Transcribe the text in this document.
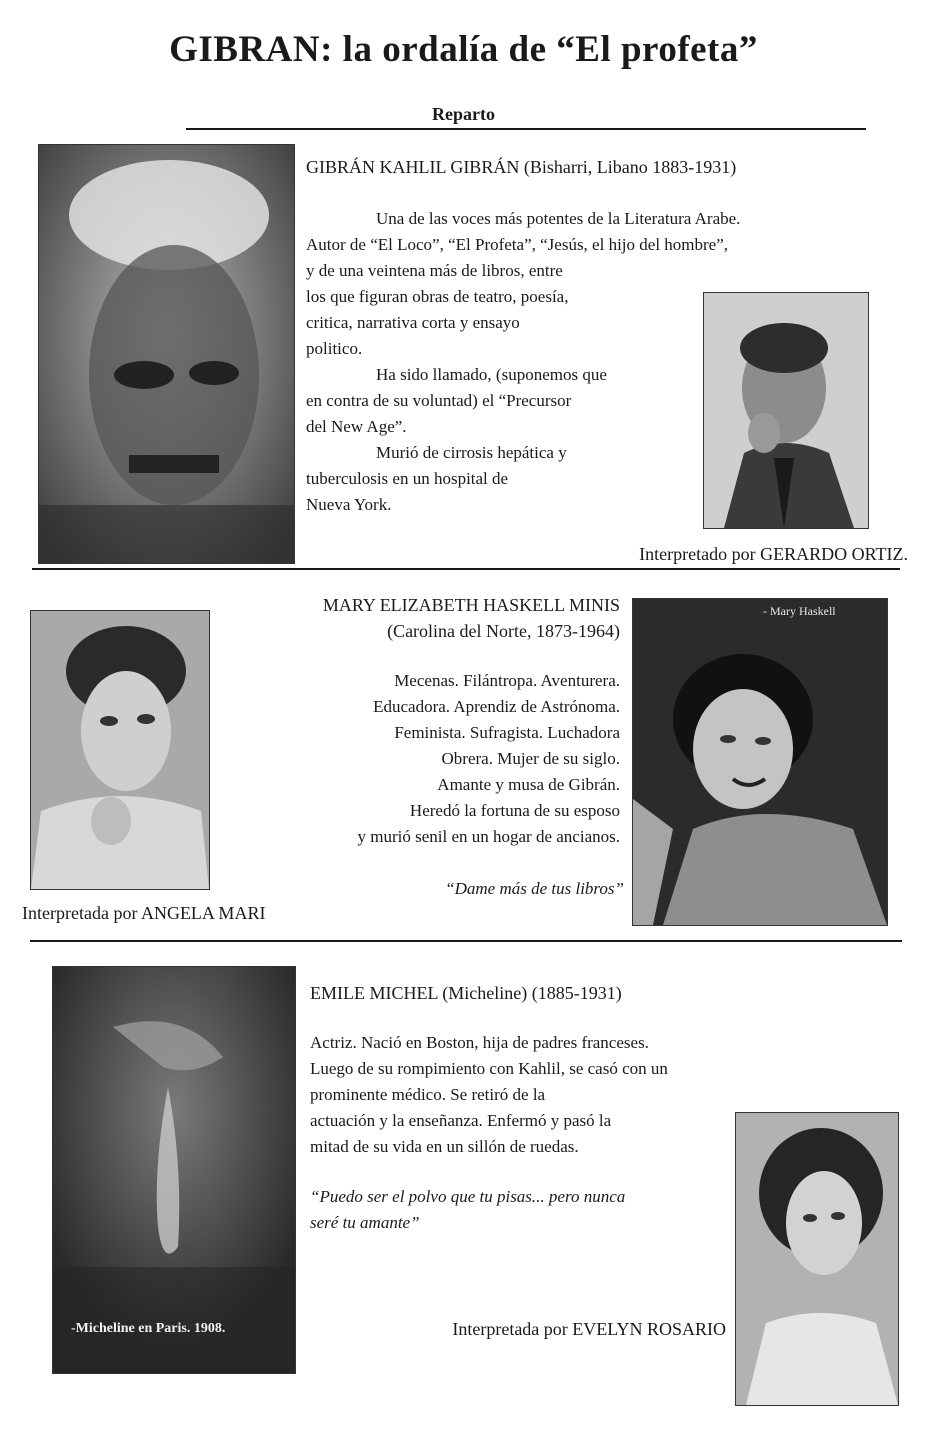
GIBRAN: la ordalía de “El profeta”
Reparto
GIBRÁN KAHLIL GIBRÁN (Bisharri, Libano 1883-1931)

Una de las voces más potentes de la Literatura Arabe.

Autor de “El Loco”, “El Profeta”, “Jesús, el hijo del hombre”,

y de una veintena más de libros, entre

los que figuran obras de teatro, poesía,

critica, narrativa corta y ensayo

politico.

Ha sido llamado, (suponemos que

en contra de su voluntad) el “Precursor

del New Age”.

Murió de cirrosis hepática y

tuberculosis en un hospital de

Nueva York.

Interpretado por GERARDO ORTIZ.
MARY ELIZABETH HASKELL MINIS
(Carolina del Norte, 1873-1964)

Mecenas. Filántropa. Aventurera.

Educadora. Aprendiz de Astrónoma.

Feminista. Sufragista. Luchadora

Obrera. Mujer de su siglo.

Amante y musa de Gibrán.

Heredó la fortuna de su esposo

y murió senil en un hogar de ancianos.

“Dame más de tus libros”
- Mary Haskell
Interpretada por ANGELA MARI
-Micheline en Paris. 1908.
EMILE MICHEL (Micheline) (1885-1931)

Actriz. Nació en Boston, hija de padres franceses.

Luego de su rompimiento con Kahlil, se casó con un

prominente médico. Se retiró de la

actuación y la enseñanza. Enfermó y pasó la

mitad de su vida en un sillón de ruedas.

“Puedo ser el polvo que tu pisas... pero nunca

seré tu amante”

Interpretada por EVELYN ROSARIO
